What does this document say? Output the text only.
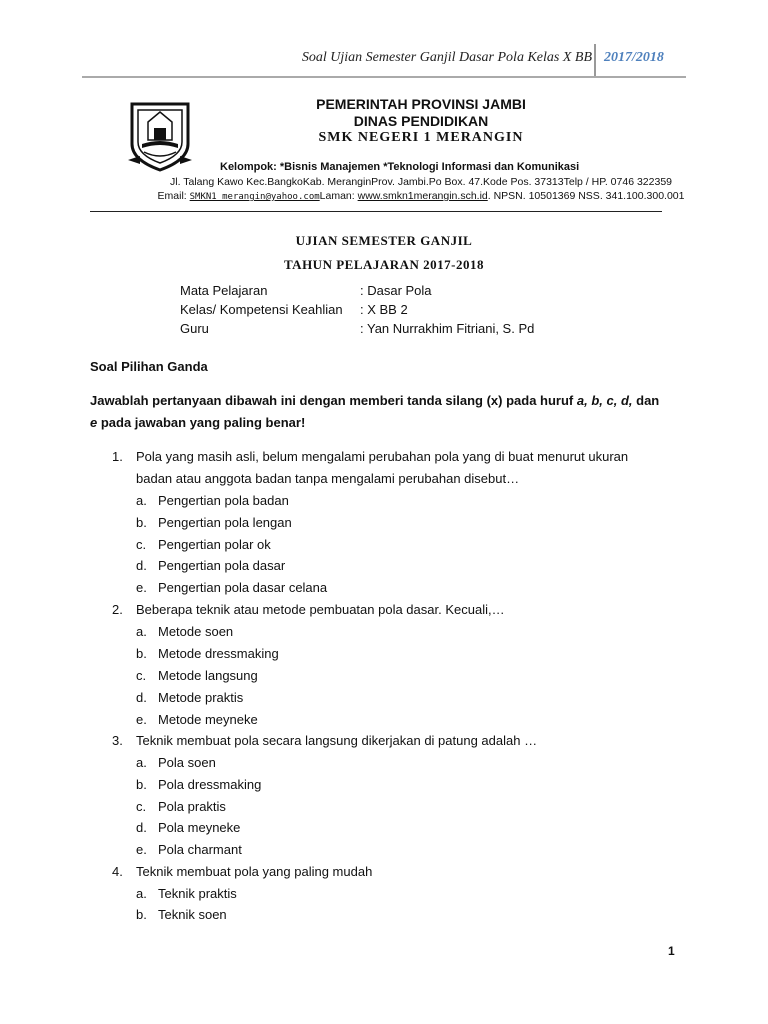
Soal Ujian Semester Ganjil Dasar Pola Kelas X BB 2017/2018
PEMERINTAH PROVINSI JAMBI
DINAS PENDIDIKAN
SMK NEGERI 1 MERANGIN
Kelompok: *Bisnis Manajemen *Teknologi Informasi dan Komunikasi
Jl. Talang Kawo Kec.BangkoKab. MeranginProv. Jambi.Po Box. 47.Kode Pos. 37313Telp / HP. 0746 322359
Email: SMKN1_merangin@yahoo.comLaman: www.smkn1merangin.sch.id. NPSN. 10501369 NSS. 341.100.300.001
UJIAN SEMESTER GANJIL
TAHUN PELAJARAN 2017-2018
Mata Pelajaran	: Dasar Pola
Kelas/ Kompetensi Keahlian : X BB 2
Guru	: Yan Nurrakhim Fitriani, S. Pd
Soal Pilihan Ganda
Jawablah pertanyaan dibawah ini dengan memberi tanda silang (x) pada huruf a, b, c, d, dan
e pada jawaban yang paling benar!
1. Pola yang masih asli, belum mengalami perubahan pola yang di buat menurut ukuran
badan atau anggota badan tanpa mengalami perubahan disebut…
a. Pengertian pola badan
b. Pengertian pola lengan
c. Pengertian polar ok
d. Pengertian pola dasar
e. Pengertian pola dasar celana
2. Beberapa teknik atau metode pembuatan pola dasar. Kecuali,…
a. Metode soen
b. Metode dressmaking
c. Metode langsung
d. Metode praktis
e. Metode meyneke
3. Teknik membuat pola secara langsung dikerjakan di patung adalah …
a. Pola soen
b. Pola dressmaking
c. Pola praktis
d. Pola meyneke
e. Pola charmant
4. Teknik membuat pola yang paling mudah
a. Teknik praktis
b. Teknik soen
1
